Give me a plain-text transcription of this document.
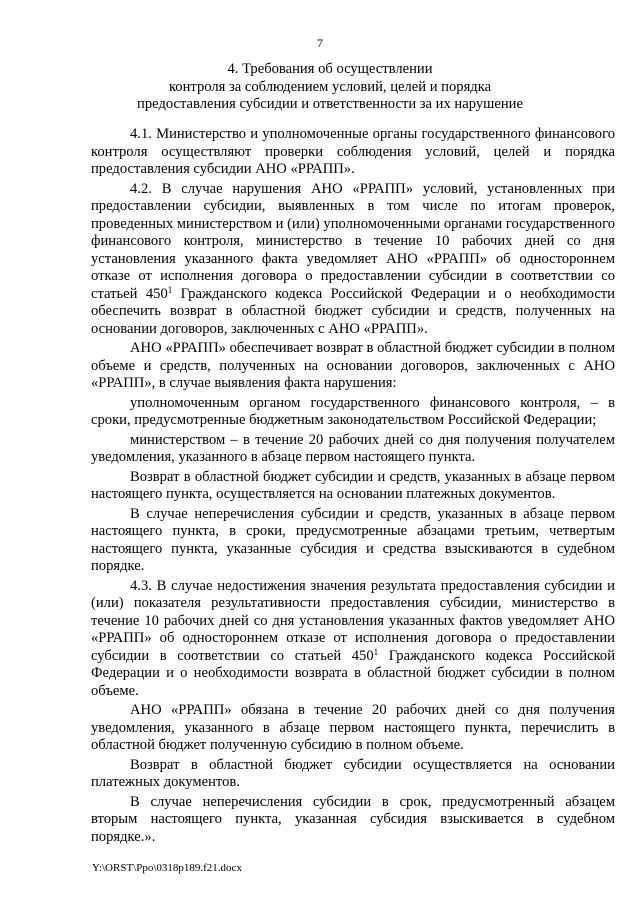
7
4. Требования об осуществлении
контроля за соблюдением условий, целей и порядка
предоставления субсидии и ответственности за их нарушение

4.1. Министерство и уполномоченные органы государственного финансового контроля осуществляют проверки соблюдения условий, целей и порядка предоставления субсидии АНО «РРАПП».

4.2. В случае нарушения АНО «РРАПП» условий, установленных при предоставлении субсидии, выявленных в том числе по итогам проверок, проведенных министерством и (или) уполномоченными органами государственного финансового контроля, министерство в течение 10 рабочих дней со дня установления указанного факта уведомляет АНО «РРАПП» об одностороннем отказе от исполнения договора о предоставлении субсидии в соответствии со статьей $450^1$ Гражданского кодекса Российской Федерации и о необходимости обеспечить возврат в областной бюджет субсидии и средств, полученных на основании договоров, заключенных с АНО «РРАПП».

АНО «РРАПП» обеспечивает возврат в областной бюджет субсидии в полном объеме и средств, полученных на основании договоров, заключенных с АНО «РРАПП», в случае выявления факта нарушения:

уполномоченным органом государственного финансового контроля, – в сроки, предусмотренные бюджетным законодательством Российской Федерации;

министерством – в течение 20 рабочих дней со дня получения получателем уведомления, указанного в абзаце первом настоящего пункта.

Возврат в областной бюджет субсидии и средств, указанных в абзаце первом настоящего пункта, осуществляется на основании платежных документов.

В случае неперечисления субсидии и средств, указанных в абзаце первом настоящего пункта, в сроки, предусмотренные абзацами третьим, четвертым настоящего пункта, указанные субсидия и средства взыскиваются в судебном порядке.

4.3. В случае недостижения значения результата предоставления субсидии и (или) показателя результативности предоставления субсидии, министерство в течение 10 рабочих дней со дня установления указанных фактов уведомляет АНО «РРАПП» об одностороннем отказе от исполнения договора о предоставлении субсидии в соответствии со статьей $450^1$ Гражданского кодекса Российской Федерации и о необходимости возврата в областной бюджет субсидии в полном объеме.

АНО «РРАПП» обязана в течение 20 рабочих дней со дня получения уведомления, указанного в абзаце первом настоящего пункта, перечислить в областной бюджет полученную субсидию в полном объеме.

Возврат в областной бюджет субсидии осуществляется на основании платежных документов.

В случае неперечисления субсидии в срок, предусмотренный абзацем вторым настоящего пункта, указанная субсидия взыскивается в судебном порядке.».

Y:\ORST\Ppo\0318p189.f21.docx
